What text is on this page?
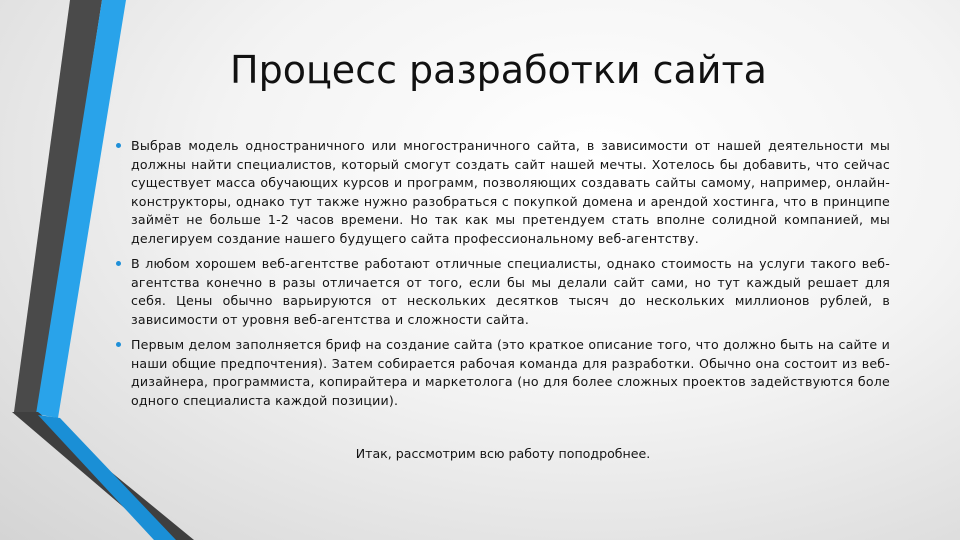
Процесс разработки сайта
Выбрав модель одностраничного или многостраничного сайта, в зависимости от нашей деятельности мы должны найти специалистов, который смогут создать сайт нашей мечты. Хотелось бы добавить, что сейчас существует масса обучающих курсов и программ, позволяющих создавать сайты самому, например, онлайн-конструкторы, однако тут также нужно разобраться с покупкой домена и арендой хостинга, что в принципе займёт не больше 1-2 часов времени. Но так как мы претендуем стать вполне солидной компанией, мы делегируем создание нашего будущего сайта профессиональному веб-агентству.
В любом хорошем веб-агентстве работают отличные специалисты, однако стоимость на услуги такого веб-агентства конечно в разы отличается от того, если бы мы делали сайт сами, но тут каждый решает для себя. Цены обычно варьируются от нескольких десятков тысяч до нескольких миллионов рублей, в зависимости от уровня веб-агентства и сложности сайта.
Первым делом заполняется бриф на создание сайта (это краткое описание того, что должно быть на сайте и наши общие предпочтения). Затем собирается рабочая команда для разработки. Обычно она состоит из веб-дизайнера, программиста, копирайтера и маркетолога (но для более сложных проектов задействуются боле одного специалиста каждой позиции).

Итак, рассмотрим всю работу поподробнее.
